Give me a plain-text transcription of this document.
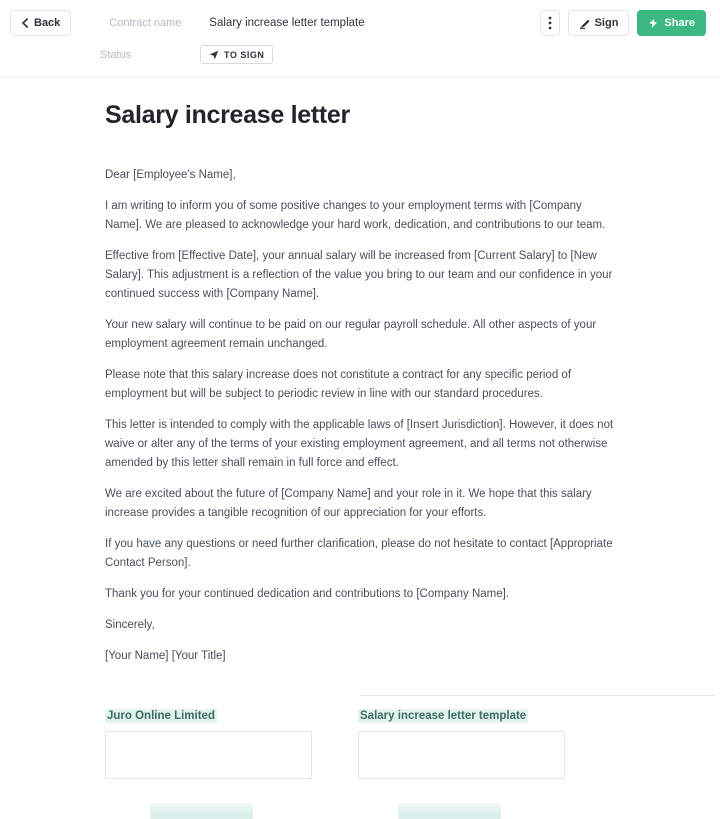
Back	Contract name	Salary increase letter template	Sign	Share
Status	TO SIGN
Salary increase letter

Dear [Employee's Name],

I am writing to inform you of some positive changes to your employment terms with [Company Name]. We are pleased to acknowledge your hard work, dedication, and contributions to our team.

Effective from [Effective Date], your annual salary will be increased from [Current Salary] to [New Salary]. This adjustment is a reflection of the value you bring to our team and our confidence in your continued success with [Company Name].

Your new salary will continue to be paid on our regular payroll schedule. All other aspects of your employment agreement remain unchanged.

Please note that this salary increase does not constitute a contract for any specific period of employment but will be subject to periodic review in line with our standard procedures.

This letter is intended to comply with the applicable laws of [Insert Jurisdiction]. However, it does not waive or alter any of the terms of your existing employment agreement, and all terms not otherwise amended by this letter shall remain in full force and effect.

We are excited about the future of [Company Name] and your role in it. We hope that this salary increase provides a tangible recognition of our appreciation for your efforts.

If you have any questions or need further clarification, please do not hesitate to contact [Appropriate Contact Person].

Thank you for your continued dedication and contributions to [Company Name].

Sincerely,

[Your Name] [Your Title]

Juro Online Limited	Salary increase letter template
